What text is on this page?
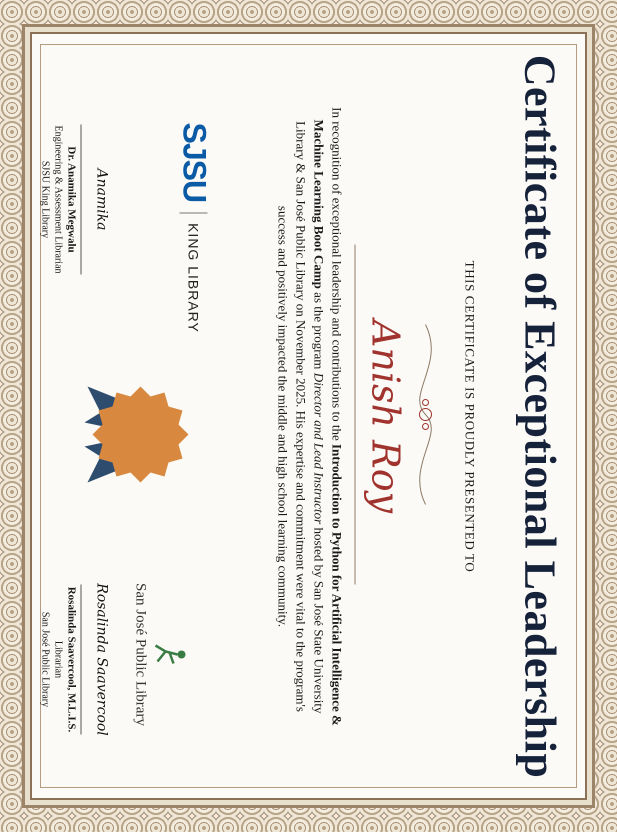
Certificate of Exceptional Leadership
THIS CERTIFICATE IS PROUDLY PRESENTED TO
Anish Roy
In recognition of exceptional leadership and contributions to the Introduction to Python for Artificial Intelligence & Machine Learning Boot Camp as the program Director and Lead Instructor hosted by San José State University Library & San José Public Library on November 2025. His expertise and commitment were vital to the program's success and positively impacted the middle and high school learning community.
SJSU
KING LIBRARY
San José Public Library
Anamika
Dr. Anamika Megwalu
Engineering & Assessment Librarian
SJSU King Library
Rosalinda Saavercool
Rosalinda Saavercool, M.L.I.S.
Librarian
San José Public Library
